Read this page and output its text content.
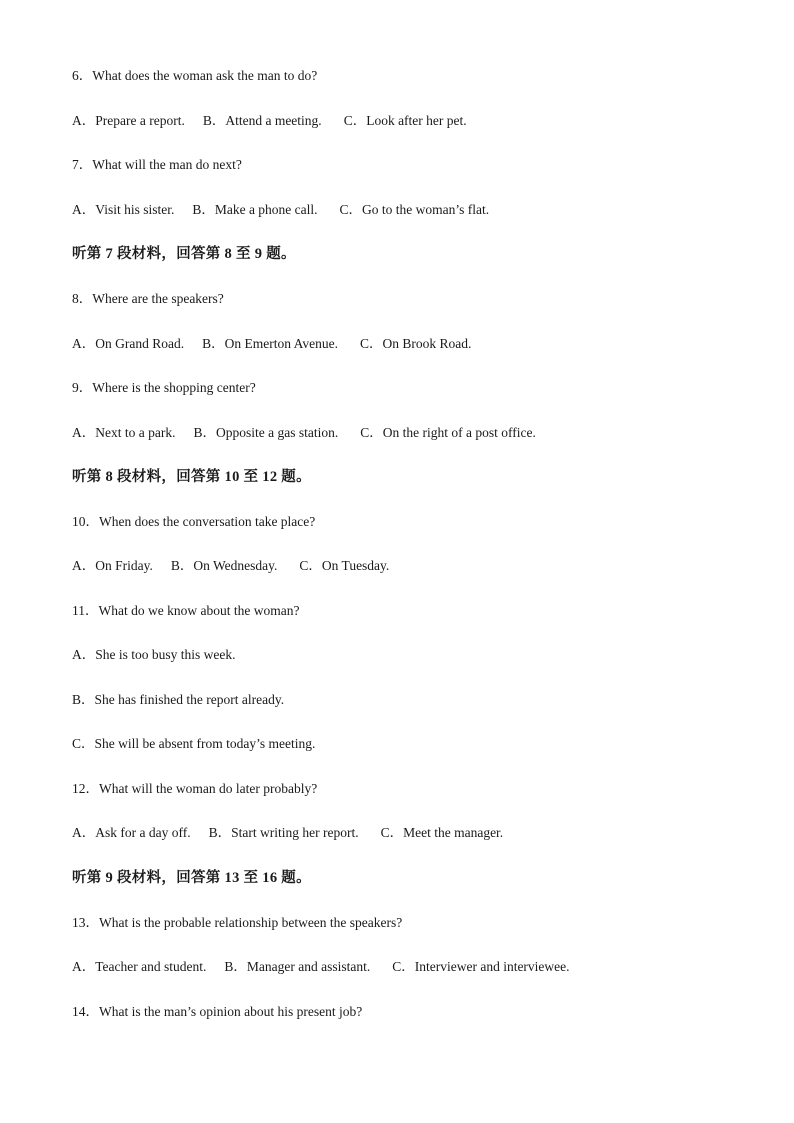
6．What does the woman ask the man to do?
A．Prepare a report. B．Attend a meeting. C．Look after her pet.
7．What will the man do next?
A．Visit his sister. B．Make a phone call. C．Go to the woman’s flat.
听第 7 段材料，回答第 8 至 9 题。
8．Where are the speakers?
A．On Grand Road. B．On Emerton Avenue. C．On Brook Road.
9．Where is the shopping center?
A．Next to a park. B．Opposite a gas station. C．On the right of a post office.
听第 8 段材料，回答第 10 至 12 题。
10．When does the conversation take place?
A．On Friday. B．On Wednesday. C．On Tuesday.
11．What do we know about the woman?
A．She is too busy this week.
B．She has finished the report already.
C．She will be absent from today’s meeting.
12．What will the woman do later probably?
A．Ask for a day off. B．Start writing her report. C．Meet the manager.
听第 9 段材料，回答第 13 至 16 题。
13．What is the probable relationship between the speakers?
A．Teacher and student. B．Manager and assistant. C．Interviewer and interviewee.
14．What is the man’s opinion about his present job?
